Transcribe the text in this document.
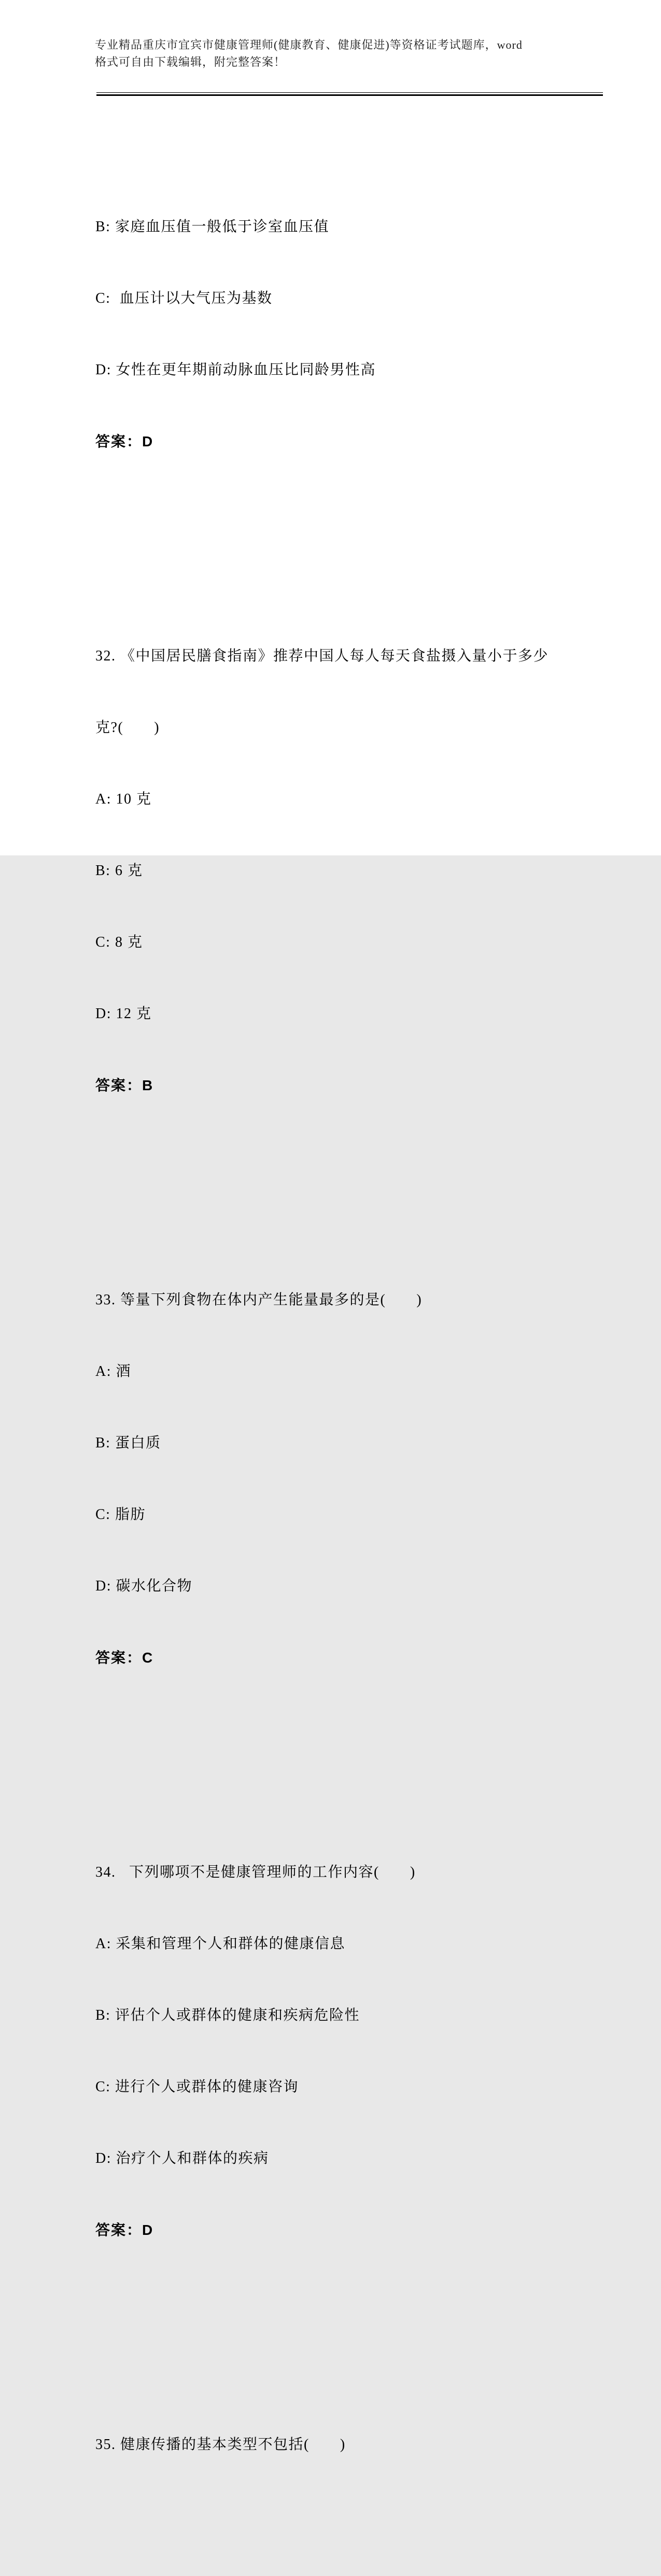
专业精品重庆市宜宾市健康管理师(健康教育、健康促进)等资格证考试题库，word
格式可自由下载编辑，附完整答案！

B: 家庭血压值一般低于诊室血压值

C:  血压计以大气压为基数

D: 女性在更年期前动脉血压比同龄男性高

答案：D

32. 《中国居民膳食指南》推荐中国人每人每天食盐摄入量小于多少

克?(　　)

A: 10 克

B: 6 克

C: 8 克

D: 12 克

答案：B

33. 等量下列食物在体内产生能量最多的是(　　)

A: 酒

B: 蛋白质

C: 脂肪

D: 碳水化合物

答案：C

34.   下列哪项不是健康管理师的工作内容(　　)

A: 采集和管理个人和群体的健康信息

B: 评估个人或群体的健康和疾病危险性

C: 进行个人或群体的健康咨询

D: 治疗个人和群体的疾病

答案：D

35. 健康传播的基本类型不包括(　　)
